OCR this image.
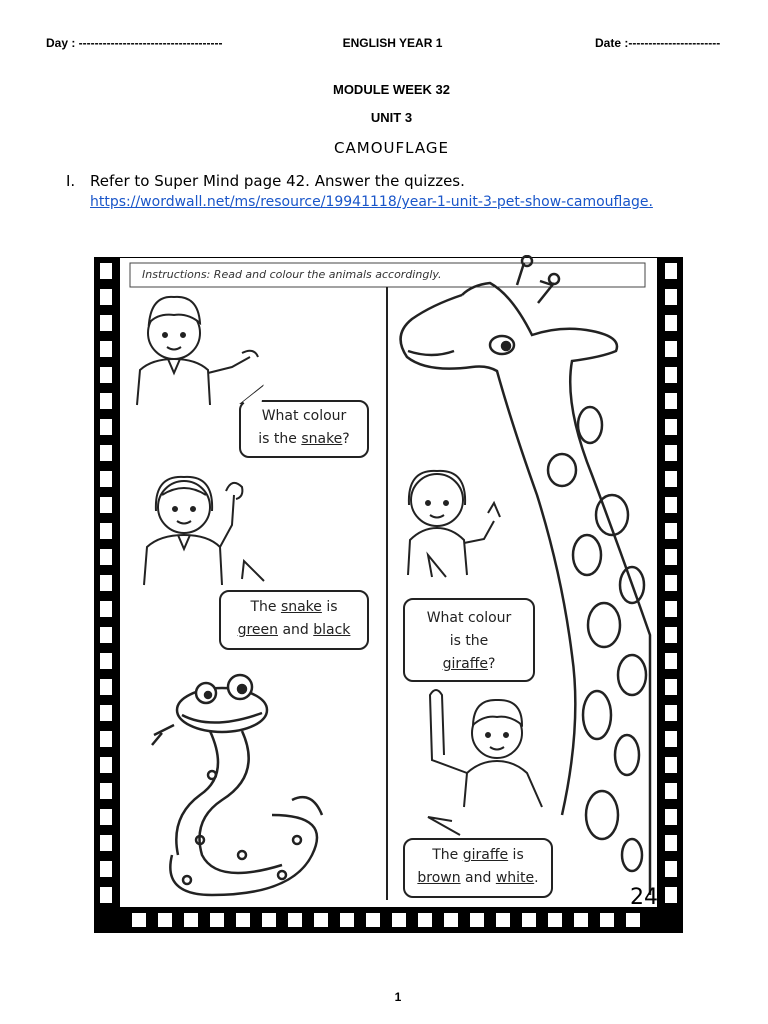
Day : ------------------------------------	ENGLISH YEAR 1	Date :-----------------------
MODULE WEEK 32
UNIT 3
CAMOUFLAGE
I. Refer to Super Mind page 42. Answer the quizzes.
https://wordwall.net/ms/resource/19941118/year-1-unit-3-pet-show-camouflage.
Instructions: Read and colour the animals accordingly.
What colour
is the snake?
The snake is
green and black
What colour
is the
giraffe?
The giraffe is
brown and white.
24
1
